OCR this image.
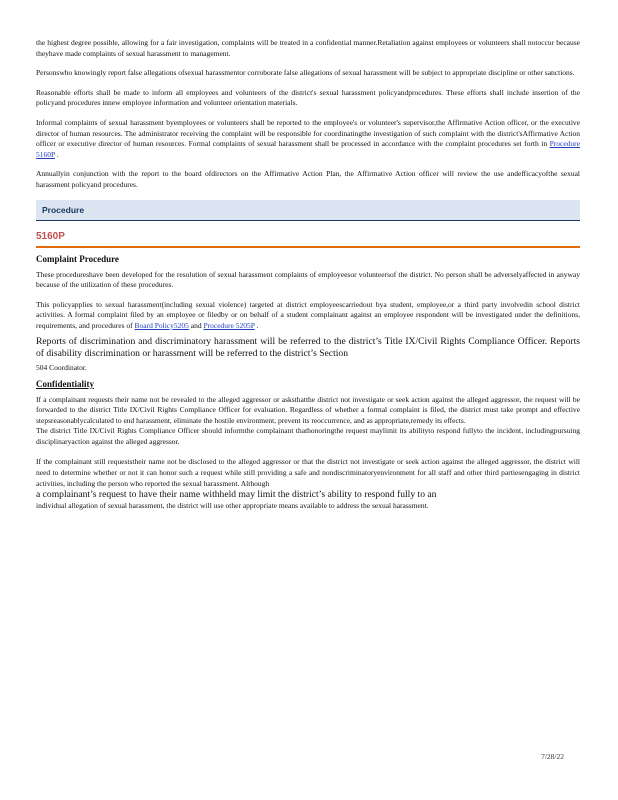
the highest degree possible, allowing for a fair investigation, complaints will be treated in a confidential manner.Retaliation against employees or volunteers shall notoccur because theyhave made complaints of sexual harassment to management.

Personswho knowingly report false allegations ofsexual harassmentor corroborate false allegations of sexual harassment will be subject to appropriate discipline or other sanctions.

Reasonable efforts shall be made to inform all employees and volunteers of the district's sexual harassment policyandprocedures. These efforts shall include insertion of the policyand procedures innew employee information and volunteer orientation materials.

Informal complaints of sexual harassment byemployees or volunteers shall be reported to the employee's or volunteer's supervisor,the Affirmative Action officer, or the executive director of human resources. The administrator receiving the complaint will be responsible for coordinatingthe investigation of such complaint with the district'sAffirmative Action officer or executive director of human resources. Formal complaints of sexual harassment shall be processed in accordance with the complaint procedures set forth in Procedure 5160P .

Annuallyin conjunction with the report to the board ofdirectors on the Affirmative Action Plan, the Affirmative Action officer will review the use andefficacyofthe sexual harassment policyand procedures.

Procedure
5160P
Complaint Procedure

These procedureshave been developed for the resolution of sexual harassment complaints of employeesor volunteersof the district. No person shall be adverselyaffected in anyway because of the utilization of these procedures.

This policyapplies to sexual harassment(including sexual violence) targeted at district employeescarriedout bya student, employee,or a third party involvedin school district activities. A formal complaint filed by an employee or filedby or on behalf of a student complainant against an employee respondent will be investigated under the definitions, requirements, and procedures of Board Policy5205 and Procedure 5205P .

Reports of discrimination and discriminatory harassment will be referred to the district’s Title IX/Civil Rights Compliance Officer. Reports of disability discrimination or harassment will be referred to the district’s Section

504 Coordinator.

Confidentiality

If a complainant requests their name not be revealed to the alleged aggressor or asksthatthe district not investigate or seek action against the alleged aggressor, the request will be forwarded to the district Title IX/Civil Rights Compliance Officer for evaluation. Regardless of whether a formal complaint is filed, the district must take prompt and effective stepsreasonablycalculated to end harassment, eliminate the hostile environment, prevent its reoccurrence, and as appropriate,remedy its effects.

The district Title IX/Civil Rights Compliance Officer should informthe complainant thathonoringthe request maylimit its abilityto respond fullyto the incident, includingpursuing disciplinaryaction against the alleged aggressor.

If the complainant still requeststheir name not be disclosed to the alleged aggressor or that the district not investigate or seek action against the alleged aggressor, the district will need to determine whether or not it can honor such a request while still providing a safe and nondiscriminatoryenvironment for all staff and other third partiesengaging in district activities, including the person who reported the sexual harassment. Although

a complainant’s request to have their name withheld may limit the district’s ability to respond fully to an

individual allegation of sexual harassment, the district will use other appropriate means available to address the sexual harassment.

7/28/22
